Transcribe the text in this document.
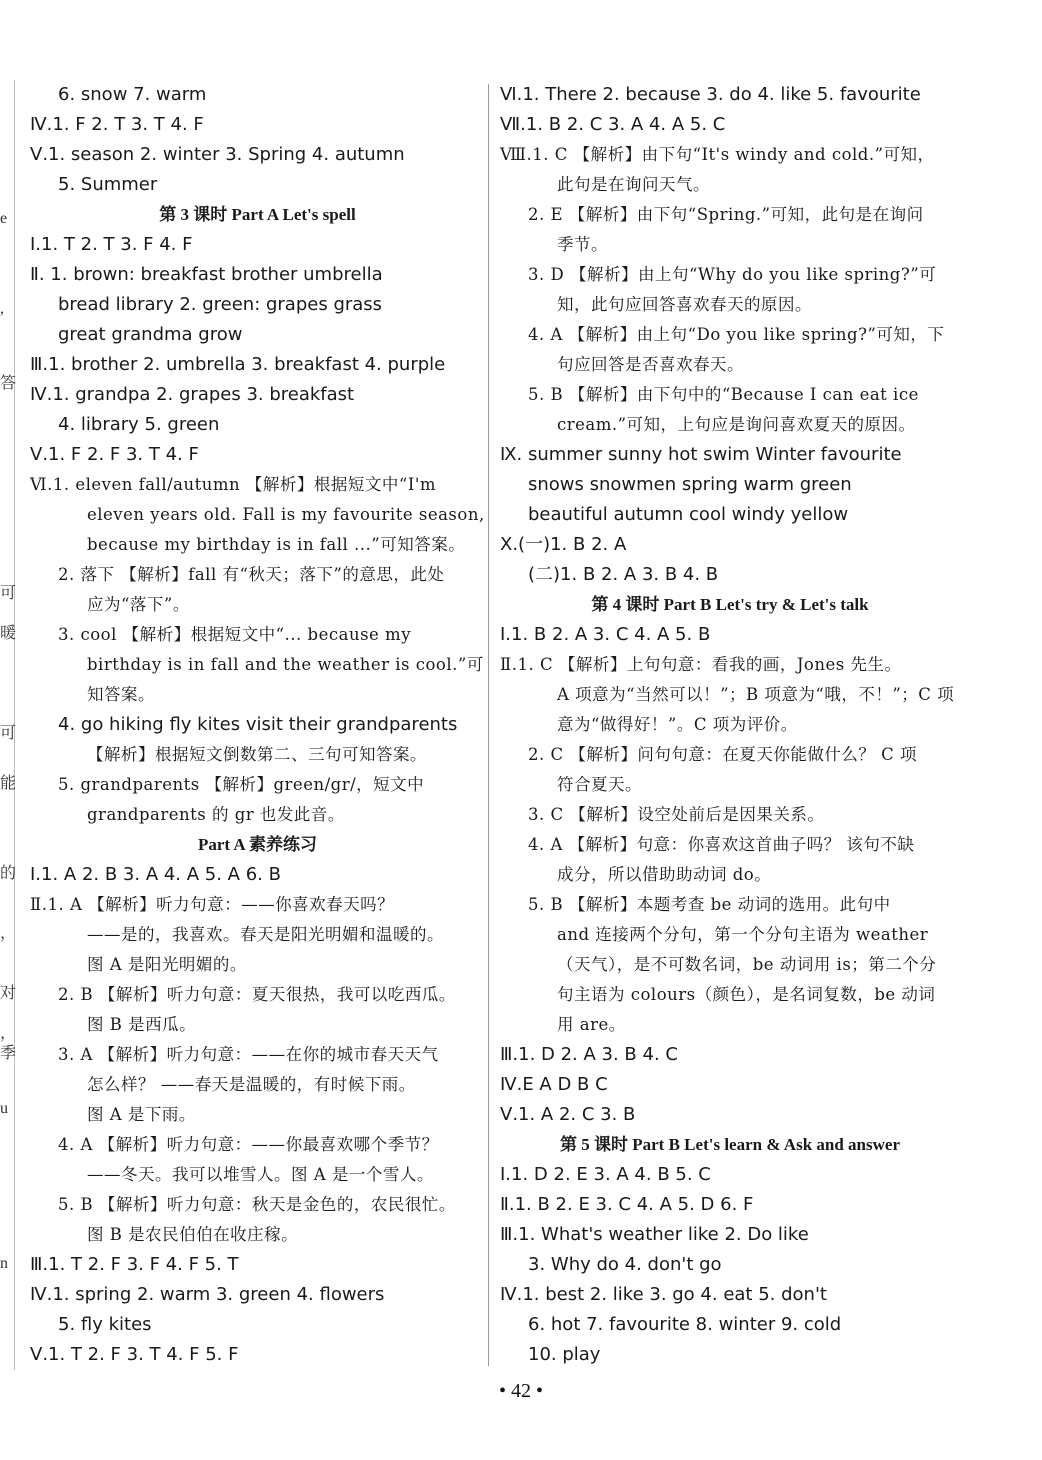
e
,
答
可
暖
可
能
的
，
对
，
季
u
n
6. snow 7. warm
Ⅳ.1. F 2. T 3. T 4. F
Ⅴ.1. season 2. winter 3. Spring 4. autumn
5. Summer
第 3 课时 Part A Let's spell
Ⅰ.1. T 2. T 3. F 4. F
Ⅱ. 1. brown: breakfast brother umbrella
bread library 2. green: grapes grass
great grandma grow
Ⅲ.1. brother 2. umbrella 3. breakfast 4. purple
Ⅳ.1. grandpa 2. grapes 3. breakfast
4. library 5. green
Ⅴ.1. F 2. F 3. T 4. F
Ⅵ.1. eleven fall/autumn 【解析】根据短文中“I'm
eleven years old. Fall is my favourite season,
because my birthday is in fall ...”可知答案。
2. 落下 【解析】fall 有“秋天；落下”的意思，此处
应为“落下”。
3. cool 【解析】根据短文中“... because my
birthday is in fall and the weather is cool.”可
知答案。
4. go hiking fly kites visit their grandparents
【解析】根据短文倒数第二、三句可知答案。
5. grandparents 【解析】green/gr/，短文中
grandparents 的 gr 也发此音。
Part A 素养练习
Ⅰ.1. A 2. B 3. A 4. A 5. A 6. B
Ⅱ.1. A 【解析】听力句意：——你喜欢春天吗？
——是的，我喜欢。春天是阳光明媚和温暖的。
图 A 是阳光明媚的。
2. B 【解析】听力句意：夏天很热，我可以吃西瓜。
图 B 是西瓜。
3. A 【解析】听力句意：——在你的城市春天天气
怎么样？ ——春天是温暖的，有时候下雨。
图 A 是下雨。
4. A 【解析】听力句意：——你最喜欢哪个季节？
——冬天。我可以堆雪人。图 A 是一个雪人。
5. B 【解析】听力句意：秋天是金色的，农民很忙。
图 B 是农民伯伯在收庄稼。
Ⅲ.1. T 2. F 3. F 4. F 5. T
Ⅳ.1. spring 2. warm 3. green 4. flowers
5. fly kites
Ⅴ.1. T 2. F 3. T 4. F 5. F
Ⅵ.1. There 2. because 3. do 4. like 5. favourite
Ⅶ.1. B 2. C 3. A 4. A 5. C
Ⅷ.1. C 【解析】由下句“It's windy and cold.”可知，
此句是在询问天气。
2. E 【解析】由下句“Spring.”可知，此句是在询问
季节。
3. D 【解析】由上句“Why do you like spring?”可
知，此句应回答喜欢春天的原因。
4. A 【解析】由上句“Do you like spring?”可知，下
句应回答是否喜欢春天。
5. B 【解析】由下句中的“Because I can eat ice
cream.”可知，上句应是询问喜欢夏天的原因。
Ⅸ. summer sunny hot swim Winter favourite
snows snowmen spring warm green
beautiful autumn cool windy yellow
Ⅹ.(一)1. B 2. A
(二)1. B 2. A 3. B 4. B
第 4 课时 Part B Let's try & Let's talk
Ⅰ.1. B 2. A 3. C 4. A 5. B
Ⅱ.1. C 【解析】上句句意：看我的画，Jones 先生。
A 项意为“当然可以！”；B 项意为“哦，不！”；C 项
意为“做得好！”。C 项为评价。
2. C 【解析】问句句意：在夏天你能做什么？ C 项
符合夏天。
3. C 【解析】设空处前后是因果关系。
4. A 【解析】句意：你喜欢这首曲子吗？ 该句不缺
成分，所以借助助动词 do。
5. B 【解析】本题考查 be 动词的选用。此句中
and 连接两个分句，第一个分句主语为 weather
（天气），是不可数名词，be 动词用 is；第二个分
句主语为 colours（颜色），是名词复数，be 动词
用 are。
Ⅲ.1. D 2. A 3. B 4. C
Ⅳ.E A D B C
Ⅴ.1. A 2. C 3. B
第 5 课时 Part B Let's learn & Ask and answer
Ⅰ.1. D 2. E 3. A 4. B 5. C
Ⅱ.1. B 2. E 3. C 4. A 5. D 6. F
Ⅲ.1. What's weather like 2. Do like
3. Why do 4. don't go
Ⅳ.1. best 2. like 3. go 4. eat 5. don't
6. hot 7. favourite 8. winter 9. cold
10. play
• 42 •
